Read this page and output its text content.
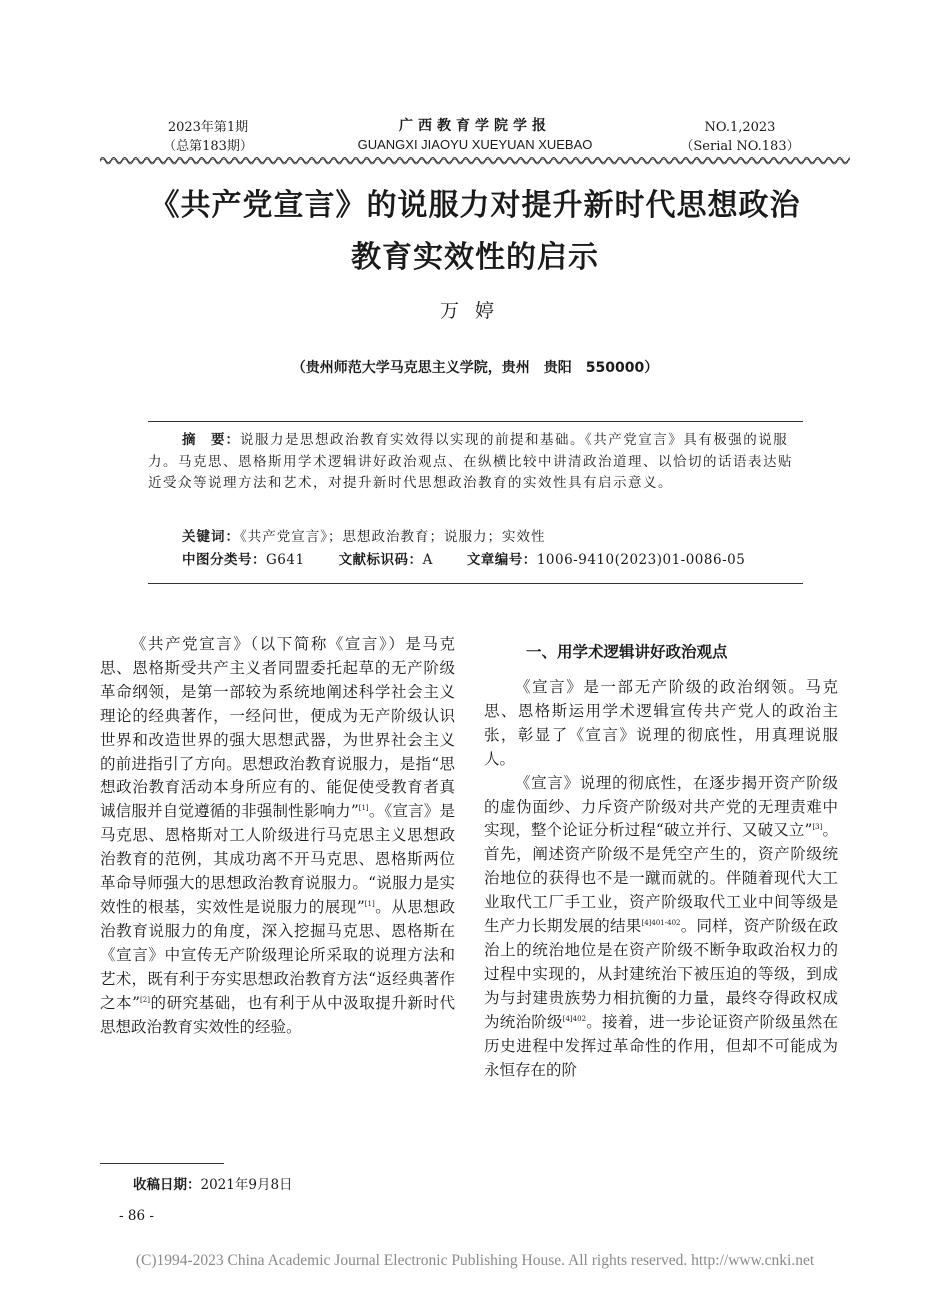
2023年第1期
（总第183期）
广西教育学院学报
GUANGXI JIAOYU XUEYUAN XUEBAO
NO.1,2023
（Serial NO.183）
《共产党宣言》的说服力对提升新时代思想政治
教育实效性的启示
万婷
（贵州师范大学马克思主义学院，贵州　贵阳　550000）
摘　要：说服力是思想政治教育实效得以实现的前提和基础。《共产党宣言》具有极强的说服力。马克思、恩格斯用学术逻辑讲好政治观点、在纵横比较中讲清政治道理、以恰切的话语表达贴近受众等说理方法和艺术，对提升新时代思想政治教育的实效性具有启示意义。
关键词：《共产党宣言》；思想政治教育；说服力；实效性
中图分类号：G641	文献标识码：A	文章编号：1006-9410(2023)01-0086-05

《共产党宣言》（以下简称《宣言》）是马克思、恩格斯受共产主义者同盟委托起草的无产阶级革命纲领，是第一部较为系统地阐述科学社会主义理论的经典著作，一经问世，便成为无产阶级认识世界和改造世界的强大思想武器，为世界社会主义的前进指引了方向。思想政治教育说服力，是指“思想政治教育活动本身所应有的、能促使受教育者真诚信服并自觉遵循的非强制性影响力”[1]。《宣言》是马克思、恩格斯对工人阶级进行马克思主义思想政治教育的范例，其成功离不开马克思、恩格斯两位革命导师强大的思想政治教育说服力。“说服力是实效性的根基，实效性是说服力的展现”[1]。从思想政治教育说服力的角度，深入挖掘马克思、恩格斯在《宣言》中宣传无产阶级理论所采取的说理方法和艺术，既有利于夯实思想政治教育方法“返经典著作之本”[2]的研究基础，也有利于从中汲取提升新时代思想政治教育实效性的经验。

一、用学术逻辑讲好政治观点

《宣言》是一部无产阶级的政治纲领。马克思、恩格斯运用学术逻辑宣传共产党人的政治主张，彰显了《宣言》说理的彻底性，用真理说服人。

《宣言》说理的彻底性，在逐步揭开资产阶级的虚伪面纱、力斥资产阶级对共产党的无理责难中实现，整个论证分析过程“破立并行、又破又立”[3]。首先，阐述资产阶级不是凭空产生的，资产阶级统治地位的获得也不是一蹴而就的。伴随着现代大工业取代工厂手工业，资产阶级取代工业中间等级是生产力长期发展的结果$^{[4]401-402}$。同样，资产阶级在政治上的统治地位是在资产阶级不断争取政治权力的过程中实现的，从封建统治下被压迫的等级，到成为与封建贵族势力相抗衡的力量，最终夺得政权成为统治阶级$^{[4]402}$。接着，进一步论证资产阶级虽然在历史进程中发挥过革命性的作用，但却不可能成为永恒存在的阶

收稿日期：2021年9月8日
- 86 -
(C)1994-2023 China Academic Journal Electronic Publishing House. All rights reserved. http://www.cnki.net
